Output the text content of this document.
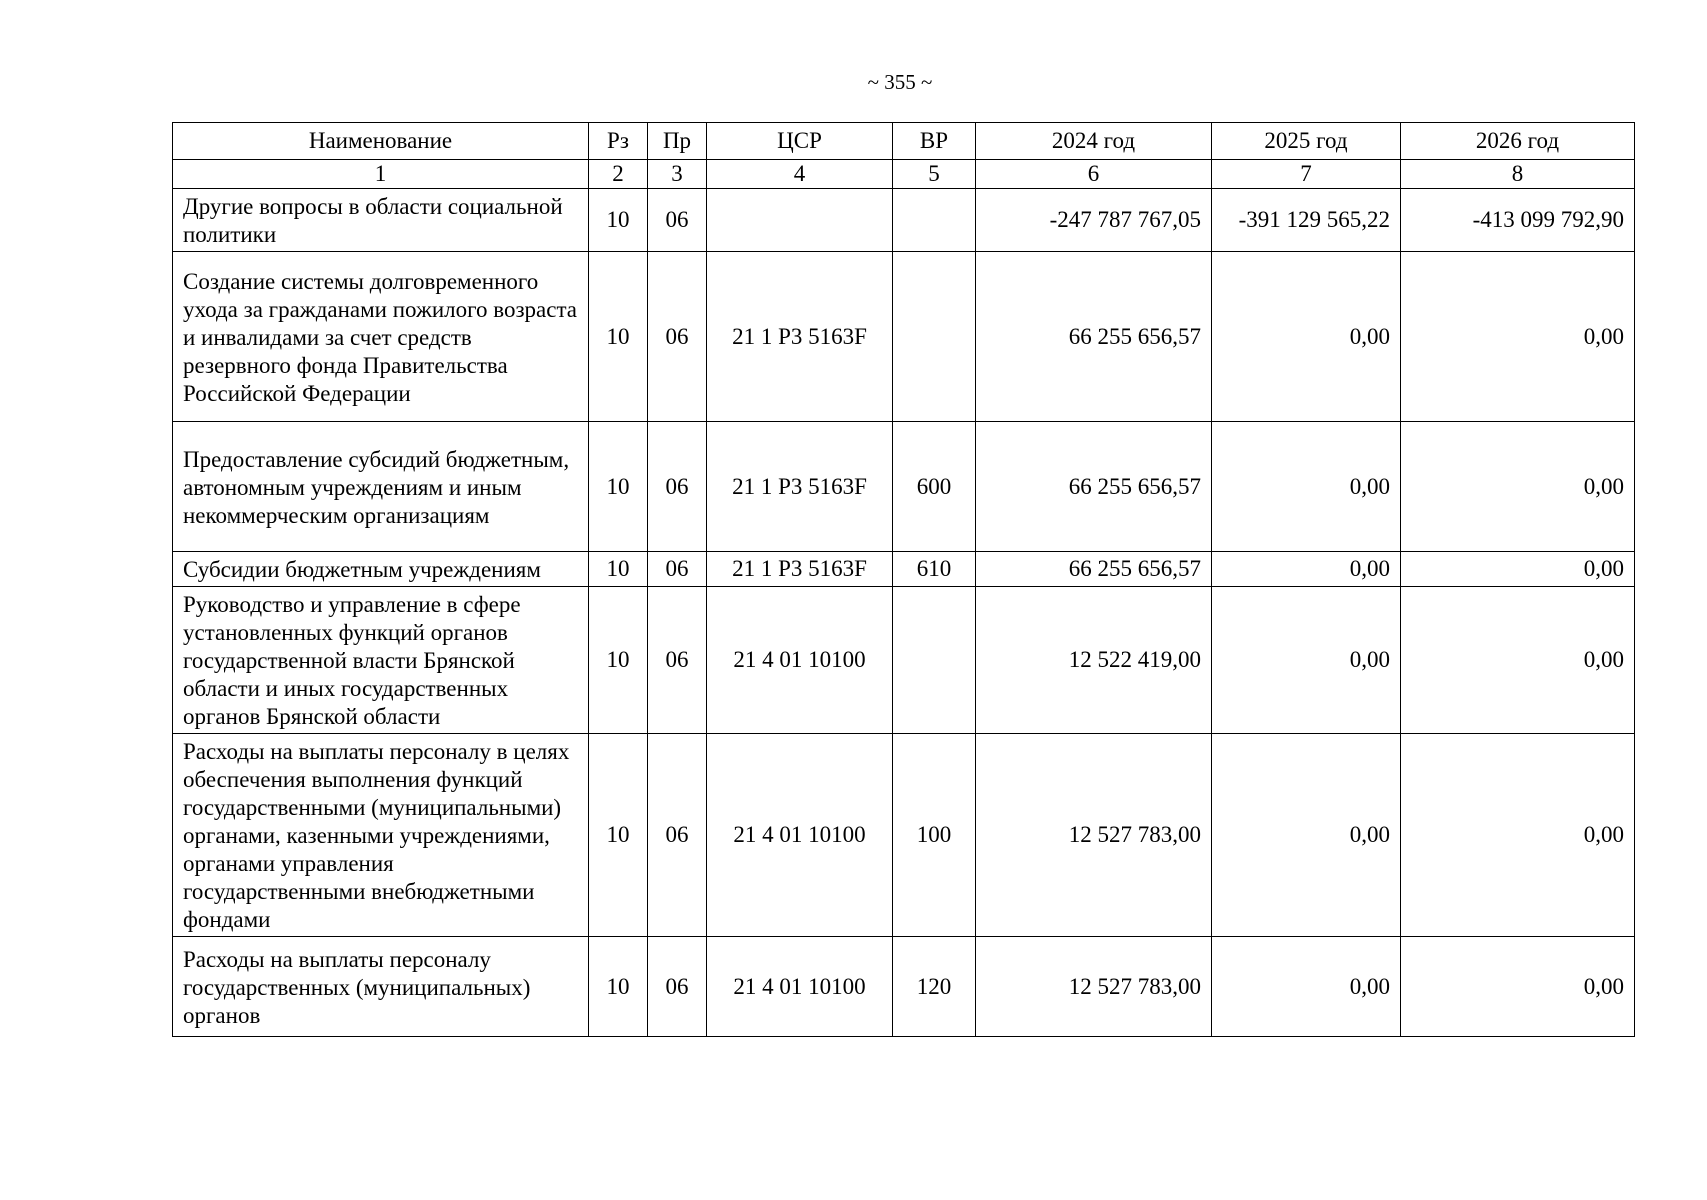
~ 355 ~
Наименование	Рз	Пр	ЦСР	ВР	2024 год	2025 год	2026 год
1	2	3	4	5	6	7	8
Другие вопросы в области социальной политики	10	06			-247 787 767,05	-391 129 565,22	-413 099 792,90
Создание системы долговременного ухода за гражданами пожилого возраста и инвалидами за счет средств резервного фонда Правительства Российской Федерации	10	06	21 1 Р3 5163F		66 255 656,57	0,00	0,00
Предоставление субсидий бюджетным, автономным учреждениям и иным некоммерческим организациям	10	06	21 1 Р3 5163F	600	66 255 656,57	0,00	0,00
Субсидии бюджетным учреждениям	10	06	21 1 Р3 5163F	610	66 255 656,57	0,00	0,00
Руководство и управление в сфере установленных функций органов государственной власти Брянской области и иных государственных органов Брянской области	10	06	21 4 01 10100		12 522 419,00	0,00	0,00
Расходы на выплаты персоналу в целях обеспечения выполнения функций государственными (муниципальными) органами, казенными учреждениями, органами управления государственными внебюджетными фондами	10	06	21 4 01 10100	100	12 527 783,00	0,00	0,00
Расходы на выплаты персоналу государственных (муниципальных) органов	10	06	21 4 01 10100	120	12 527 783,00	0,00	0,00
